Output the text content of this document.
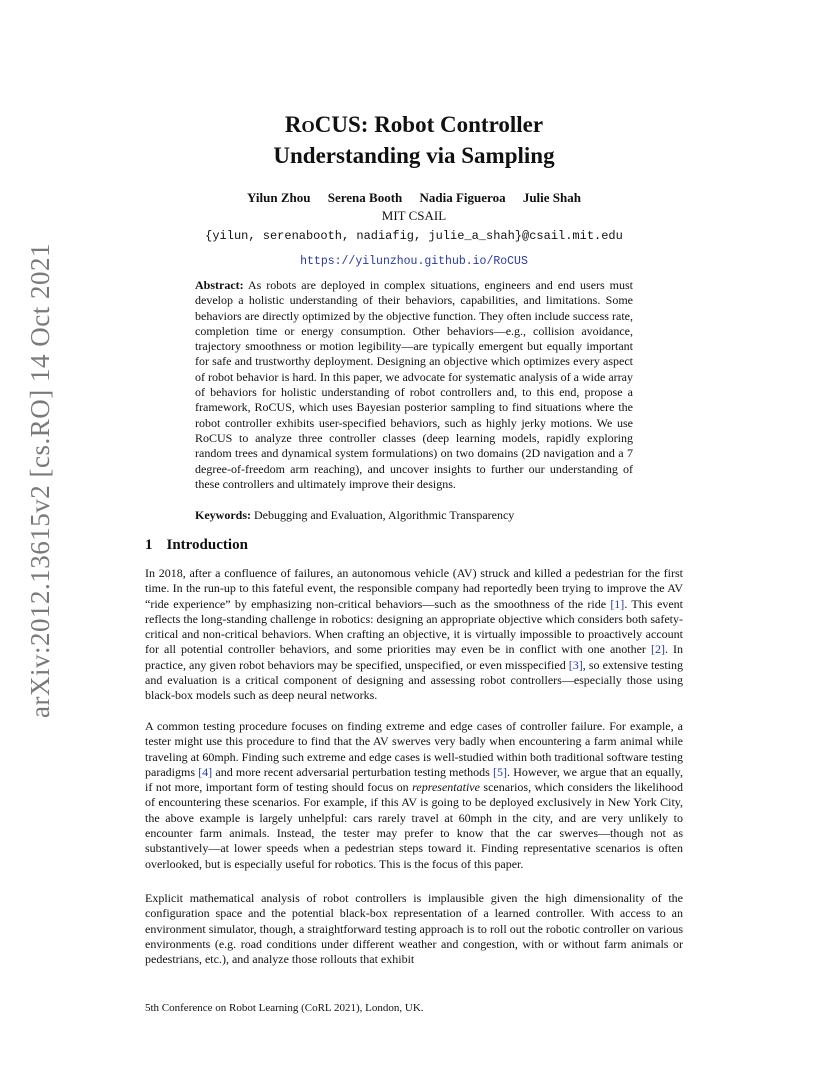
arXiv:2012.13615v2 [cs.RO] 14 Oct 2021
ROCUS: Robot Controller
Understanding via Sampling
Yilun Zhou Serena Booth Nadia Figueroa Julie Shah
MIT CSAIL
{yilun, serenabooth, nadiafig, julie_a_shah}@csail.mit.edu
https://yilunzhou.github.io/RoCUS

Abstract: As robots are deployed in complex situations, engineers and end users must develop a holistic understanding of their behaviors, capabilities, and limitations. Some behaviors are directly optimized by the objective function. They often include success rate, completion time or energy consumption. Other behaviors—e.g., collision avoidance, trajectory smoothness or motion legibility—are typically emergent but equally important for safe and trustworthy deployment. Designing an objective which optimizes every aspect of robot behavior is hard. In this paper, we advocate for systematic analysis of a wide array of behaviors for holistic understanding of robot controllers and, to this end, propose a framework, RoCUS, which uses Bayesian posterior sampling to find situations where the robot controller exhibits user-specified behaviors, such as highly jerky motions. We use RoCUS to analyze three controller classes (deep learning models, rapidly exploring random trees and dynamical system formulations) on two domains (2D navigation and a 7 degree-of-freedom arm reaching), and uncover insights to further our understanding of these controllers and ultimately improve their designs.

Keywords: Debugging and Evaluation, Algorithmic Transparency

1 Introduction

In 2018, after a confluence of failures, an autonomous vehicle (AV) struck and killed a pedestrian for the first time. In the run-up to this fateful event, the responsible company had reportedly been trying to improve the AV “ride experience” by emphasizing non-critical behaviors—such as the smoothness of the ride [1]. This event reflects the long-standing challenge in robotics: designing an appropriate objective which considers both safety-critical and non-critical behaviors. When crafting an objective, it is virtually impossible to proactively account for all potential controller behaviors, and some priorities may even be in conflict with one another [2]. In practice, any given robot behaviors may be specified, unspecified, or even misspecified [3], so extensive testing and evaluation is a critical component of designing and assessing robot controllers—especially those using black-box models such as deep neural networks.

A common testing procedure focuses on finding extreme and edge cases of controller failure. For example, a tester might use this procedure to find that the AV swerves very badly when encountering a farm animal while traveling at 60mph. Finding such extreme and edge cases is well-studied within both traditional software testing paradigms [4] and more recent adversarial perturbation testing methods [5]. However, we argue that an equally, if not more, important form of testing should focus on representative scenarios, which considers the likelihood of encountering these scenarios. For example, if this AV is going to be deployed exclusively in New York City, the above example is largely unhelpful: cars rarely travel at 60mph in the city, and are very unlikely to encounter farm animals. Instead, the tester may prefer to know that the car swerves—though not as substantively—at lower speeds when a pedestrian steps toward it. Finding representative scenarios is often overlooked, but is especially useful for robotics. This is the focus of this paper.

Explicit mathematical analysis of robot controllers is implausible given the high dimensionality of the configuration space and the potential black-box representation of a learned controller. With access to an environment simulator, though, a straightforward testing approach is to roll out the robotic controller on various environments (e.g. road conditions under different weather and congestion, with or without farm animals or pedestrians, etc.), and analyze those rollouts that exhibit

5th Conference on Robot Learning (CoRL 2021), London, UK.
